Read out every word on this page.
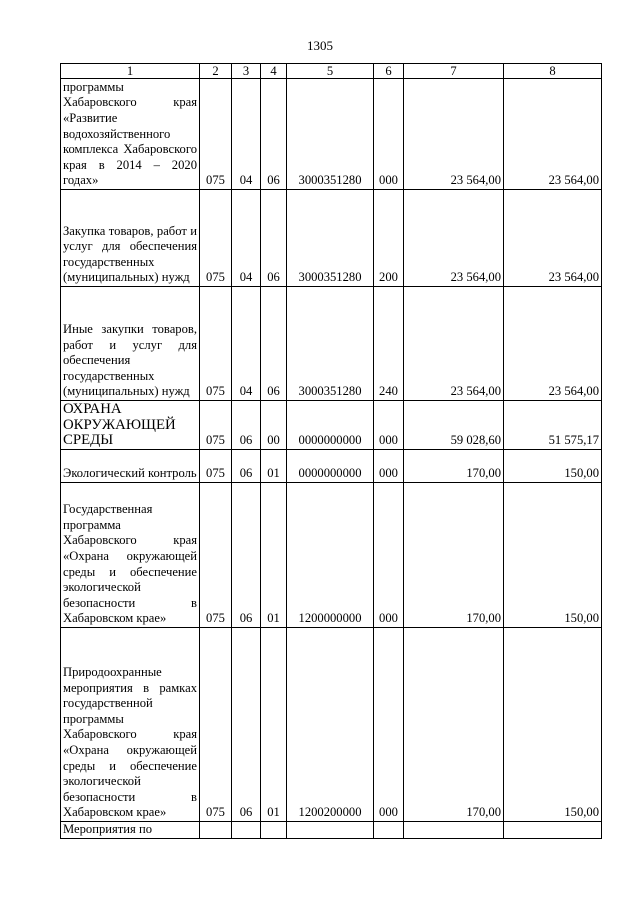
1305
1	2	3	4	5	6	7	8
программы Хабаровского края «Развитие водохозяйственного комплекса Хабаровского края в 2014 – 2020 годах»	075	04	06	3000351280	000	23 564,00	23 564,00
Закупка товаров, работ и услуг для обеспечения государственных (муниципальных) нужд	075	04	06	3000351280	200	23 564,00	23 564,00
Иные закупки товаров, работ и услуг для обеспечения государственных (муниципальных) нужд	075	04	06	3000351280	240	23 564,00	23 564,00
ОХРАНА ОКРУЖАЮЩЕЙ СРЕДЫ	075	06	00	0000000000	000	59 028,60	51 575,17
Экологический контроль	075	06	01	0000000000	000	170,00	150,00
Государственная программа Хабаровского края «Охрана окружающей среды и обеспечение экологической безопасности в Хабаровском крае»	075	06	01	1200000000	000	170,00	150,00
Природоохранные мероприятия в рамках государственной программы Хабаровского края «Охрана окружающей среды и обеспечение экологической безопасности в Хабаровском крае»	075	06	01	1200200000	000	170,00	150,00
Мероприятия по							
